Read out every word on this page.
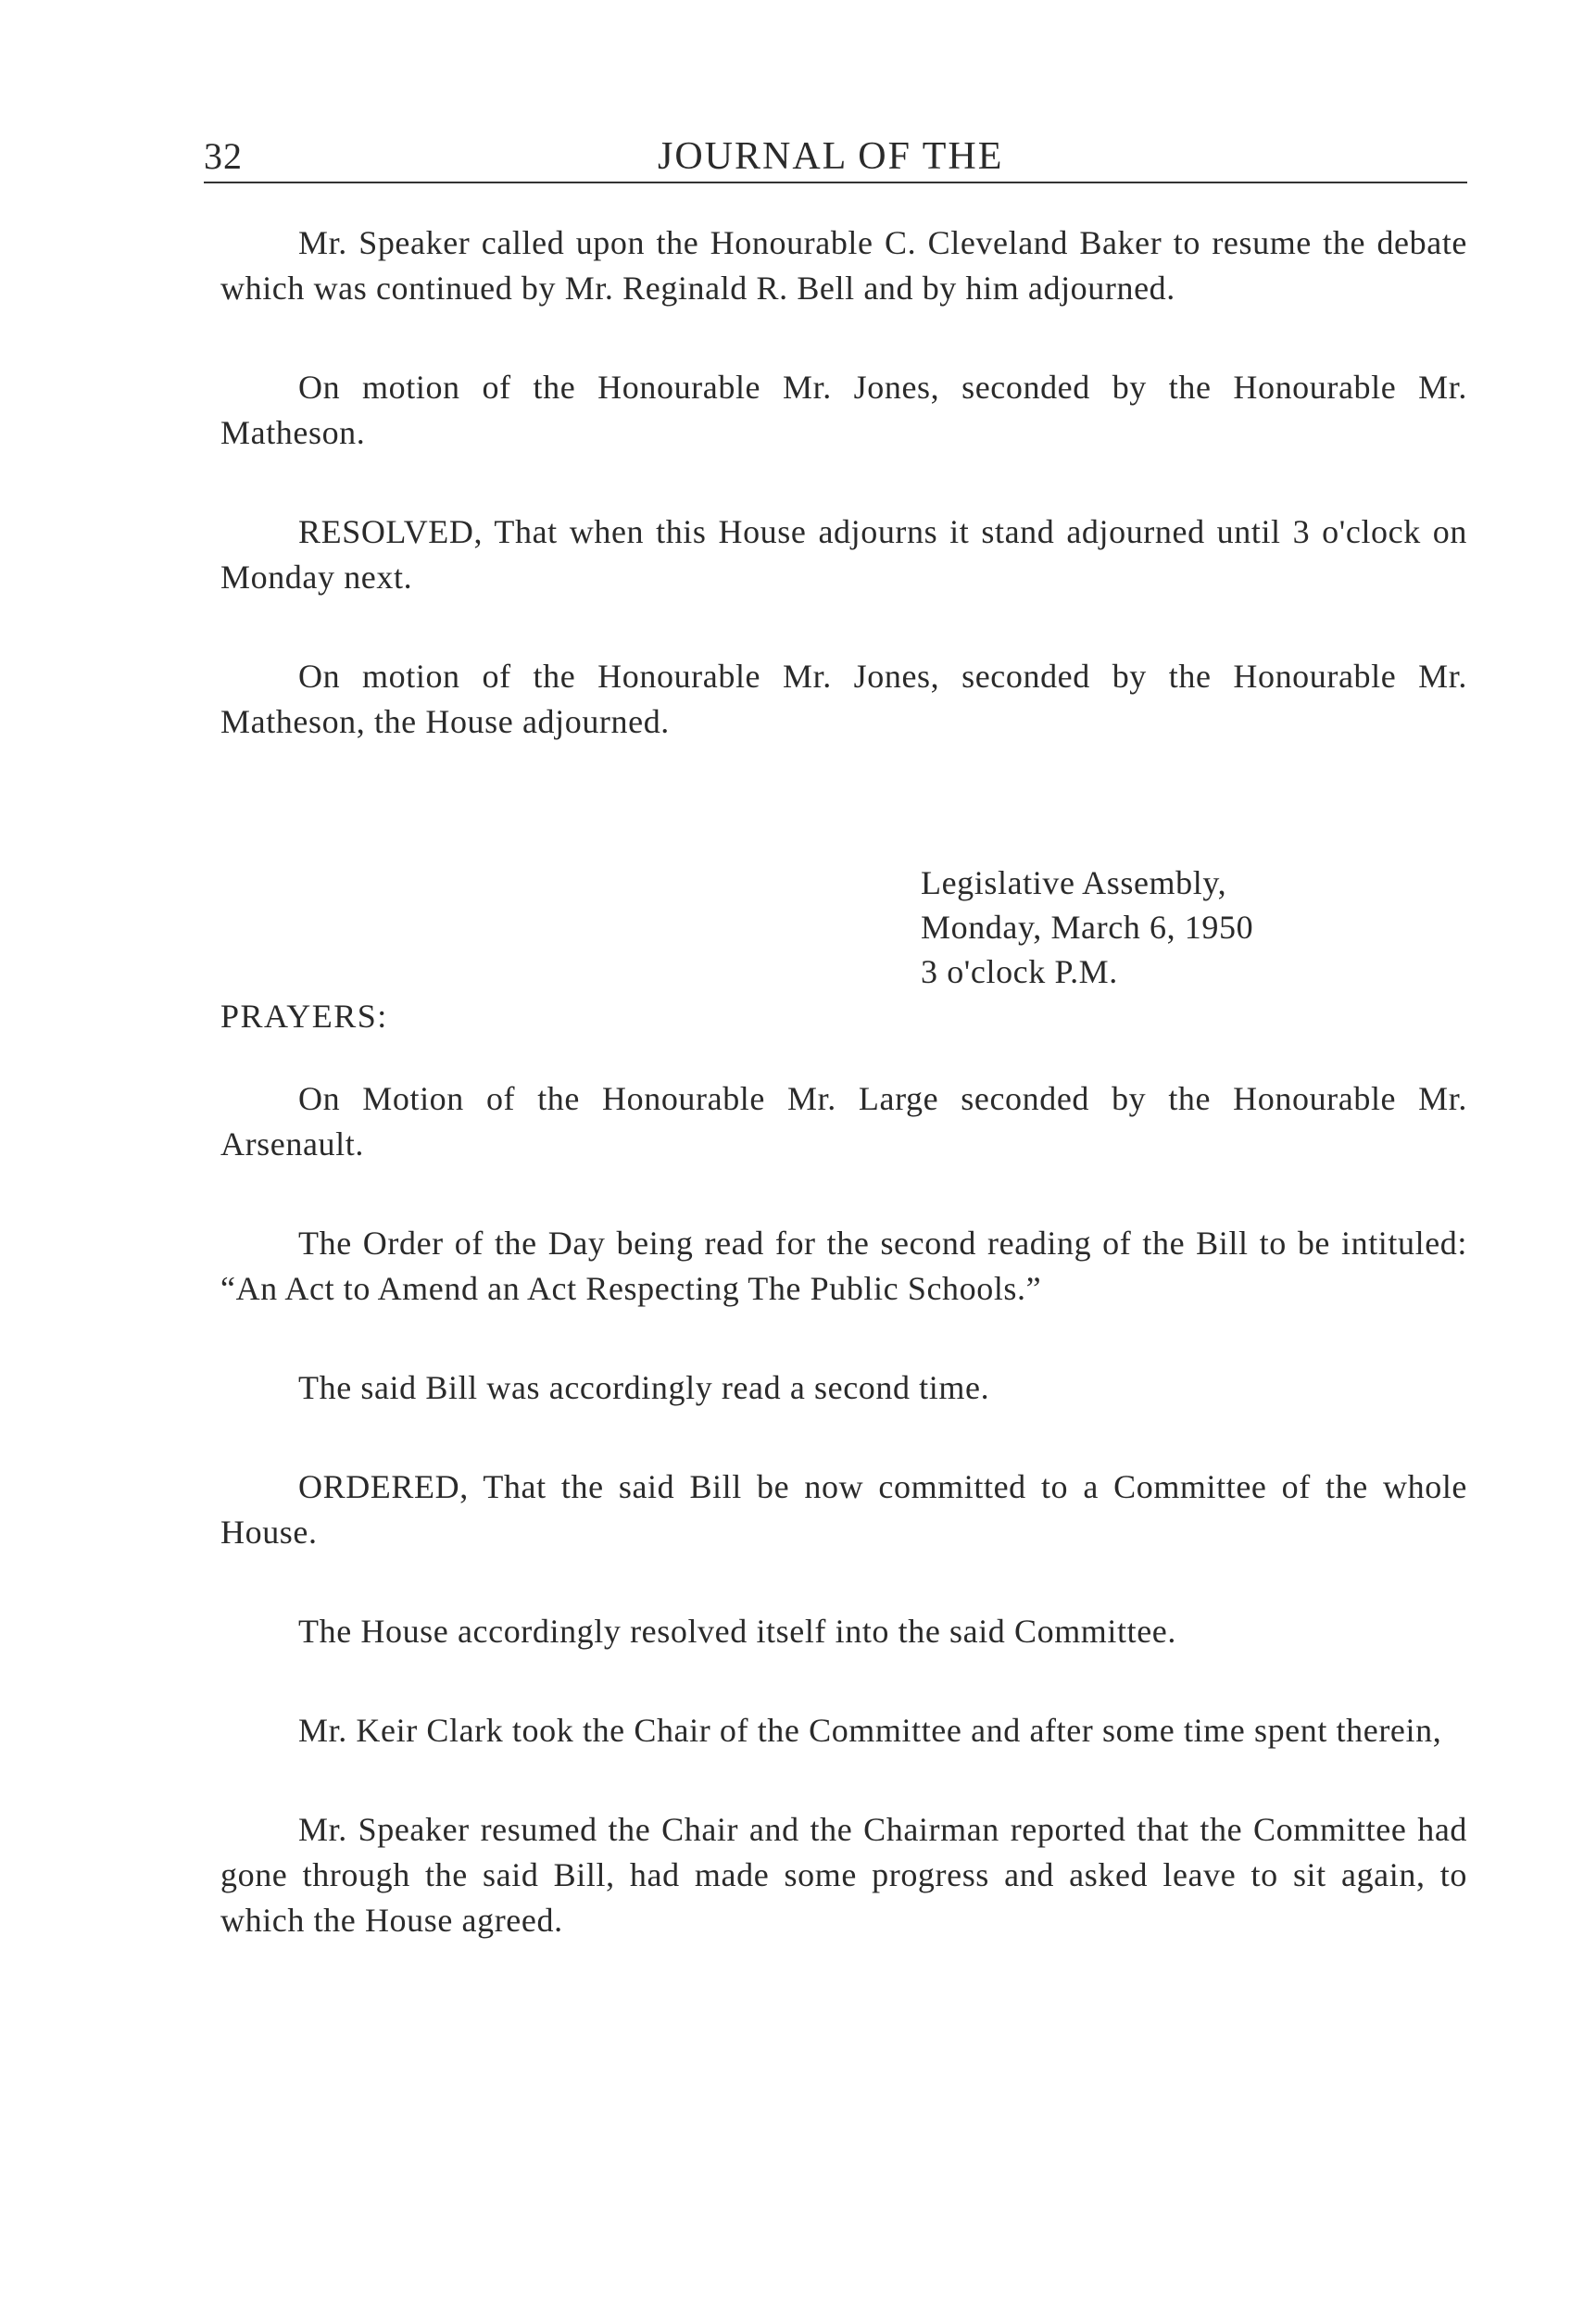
32	JOURNAL OF THE

Mr. Speaker called upon the Honourable C. Cleveland Baker to resume the debate which was continued by Mr. Reginald R. Bell and by him adjourned.

On motion of the Honourable Mr. Jones, seconded by the Honourable Mr. Matheson.

RESOLVED, That when this House adjourns it stand adjourned until 3 o'clock on Monday next.

On motion of the Honourable Mr. Jones, seconded by the Honourable Mr. Matheson, the House adjourned.

Legislative Assembly,
Monday, March 6, 1950
3 o'clock P.M.

PRAYERS:

On Motion of the Honourable Mr. Large seconded by the Honourable Mr. Arsenault.

The Order of the Day being read for the second reading of the Bill to be intituled: “An Act to Amend an Act Respecting The Public Schools.”

The said Bill was accordingly read a second time.

ORDERED, That the said Bill be now committed to a Committee of the whole House.

The House accordingly resolved itself into the said Committee.

Mr. Keir Clark took the Chair of the Committee and after some time spent therein,

Mr. Speaker resumed the Chair and the Chairman reported that the Committee had gone through the said Bill, had made some progress and asked leave to sit again, to which the House agreed.
